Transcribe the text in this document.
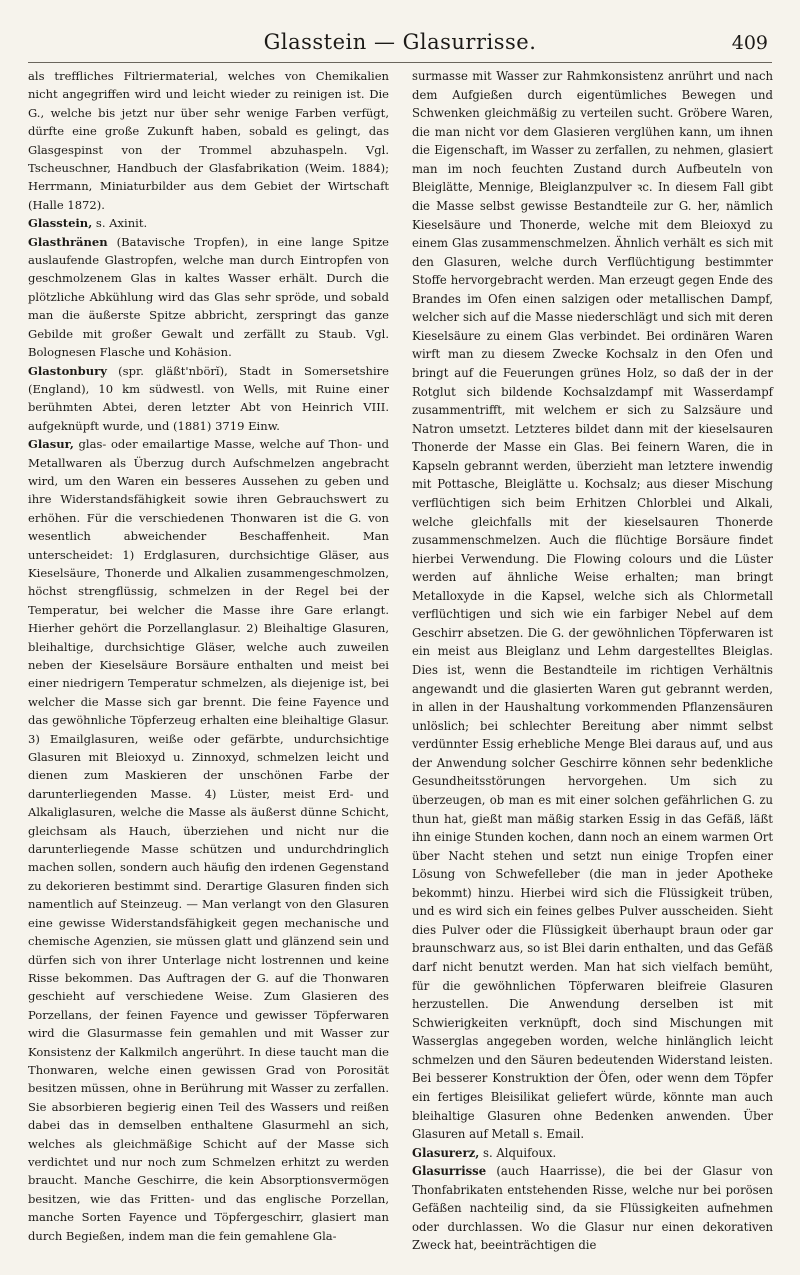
Glasstein — Glasurrisse.	409

als treffliches Filtriermaterial, welches von Chemikalien nicht angegriffen wird und leicht wieder zu reinigen ist. Die G., welche bis jetzt nur über sehr wenige Farben verfügt, dürfte eine große Zukunft haben, sobald es gelingt, das Glasgespinst von der Trommel abzuhaspeln. Vgl. Tscheuschner, Handbuch der Glasfabrikation (Weim. 1884); Herrmann, Miniaturbilder aus dem Gebiet der Wirtschaft (Halle 1872).

Glasstein, s. Axinit.

Glasthränen (Batavische Tropfen), in eine lange Spitze auslaufende Glastropfen, welche man durch Eintropfen von geschmolzenem Glas in kaltes Wasser erhält. Durch die plötzliche Abkühlung wird das Glas sehr spröde, und sobald man die äußerste Spitze abbricht, zerspringt das ganze Gebilde mit großer Gewalt und zerfällt zu Staub. Vgl. Bolognesen Flasche und Kohäsion.

Glastonbury (spr. gläßt'nbörĭ), Stadt in Somersetshire (England), 10 km südwestl. von Wells, mit Ruine einer berühmten Abtei, deren letzter Abt von Heinrich VIII. aufgeknüpft wurde, und (1881) 3719 Einw.

Glasur, glas- oder emailartige Masse, welche auf Thon- und Metallwaren als Überzug durch Aufschmelzen angebracht wird, um den Waren ein besseres Aussehen zu geben und ihre Widerstandsfähigkeit sowie ihren Gebrauchswert zu erhöhen. Für die verschiedenen Thonwaren ist die G. von wesentlich abweichender Beschaffenheit. Man unterscheidet: 1) Erdglasuren, durchsichtige Gläser, aus Kieselsäure, Thonerde und Alkalien zusammengeschmolzen, höchst strengflüssig, schmelzen in der Regel bei der Temperatur, bei welcher die Masse ihre Gare erlangt. Hierher gehört die Porzellanglasur. 2) Bleihaltige Glasuren, bleihaltige, durchsichtige Gläser, welche auch zuweilen neben der Kieselsäure Borsäure enthalten und meist bei einer niedrigern Temperatur schmelzen, als diejenige ist, bei welcher die Masse sich gar brennt. Die feine Fayence und das gewöhnliche Töpferzeug erhalten eine bleihaltige Glasur. 3) Emailglasuren, weiße oder gefärbte, undurchsichtige Glasuren mit Bleioxyd u. Zinnoxyd, schmelzen leicht und dienen zum Maskieren der unschönen Farbe der darunterliegenden Masse. 4) Lüster, meist Erd- und Alkaliglasuren, welche die Masse als äußerst dünne Schicht, gleichsam als Hauch, überziehen und nicht nur die darunterliegende Masse schützen und undurchdringlich machen sollen, sondern auch häufig den irdenen Gegenstand zu dekorieren bestimmt sind. Derartige Glasuren finden sich namentlich auf Steinzeug. — Man verlangt von den Glasuren eine gewisse Widerstandsfähigkeit gegen mechanische und chemische Agenzien, sie müssen glatt und glänzend sein und dürfen sich von ihrer Unterlage nicht lostrennen und keine Risse bekommen. Das Auftragen der G. auf die Thonwaren geschieht auf verschiedene Weise. Zum Glasieren des Porzellans, der feinen Fayence und gewisser Töpferwaren wird die Glasurmasse fein gemahlen und mit Wasser zur Konsistenz der Kalkmilch angerührt. In diese taucht man die Thonwaren, welche einen gewissen Grad von Porosität besitzen müssen, ohne in Berührung mit Wasser zu zerfallen. Sie absorbieren begierig einen Teil des Wassers und reißen dabei das in demselben enthaltene Glasurmehl an sich, welches als gleichmäßige Schicht auf der Masse sich verdichtet und nur noch zum Schmelzen erhitzt zu werden braucht. Manche Geschirre, die kein Absorptionsvermögen besitzen, wie das Fritten- und das englische Porzellan, manche Sorten Fayence und Töpfergeschirr, glasiert man durch Begießen, indem man die fein gemahlene Gla-

surmasse mit Wasser zur Rahmkonsistenz anrührt und nach dem Aufgießen durch eigentümliches Bewegen und Schwenken gleichmäßig zu verteilen sucht. Gröbere Waren, die man nicht vor dem Glasieren verglühen kann, um ihnen die Eigenschaft, im Wasser zu zerfallen, zu nehmen, glasiert man im noch feuchten Zustand durch Aufbeuteln von Bleiglätte, Mennige, Bleiglanzpulver ꝛc. In diesem Fall gibt die Masse selbst gewisse Bestandteile zur G. her, nämlich Kieselsäure und Thonerde, welche mit dem Bleioxyd zu einem Glas zusammenschmelzen. Ähnlich verhält es sich mit den Glasuren, welche durch Verflüchtigung bestimmter Stoffe hervorgebracht werden. Man erzeugt gegen Ende des Brandes im Ofen einen salzigen oder metallischen Dampf, welcher sich auf die Masse niederschlägt und sich mit deren Kieselsäure zu einem Glas verbindet. Bei ordinären Waren wirft man zu diesem Zwecke Kochsalz in den Ofen und bringt auf die Feuerungen grünes Holz, so daß der in der Rotglut sich bildende Kochsalzdampf mit Wasserdampf zusammentrifft, mit welchem er sich zu Salzsäure und Natron umsetzt. Letzteres bildet dann mit der kieselsauren Thonerde der Masse ein Glas. Bei feinern Waren, die in Kapseln gebrannt werden, überzieht man letztere inwendig mit Pottasche, Bleiglätte u. Kochsalz; aus dieser Mischung verflüchtigen sich beim Erhitzen Chlorblei und Alkali, welche gleichfalls mit der kieselsauren Thonerde zusammenschmelzen. Auch die flüchtige Borsäure findet hierbei Verwendung. Die Flowing colours und die Lüster werden auf ähnliche Weise erhalten; man bringt Metalloxyde in die Kapsel, welche sich als Chlormetall verflüchtigen und sich wie ein farbiger Nebel auf dem Geschirr absetzen. Die G. der gewöhnlichen Töpferwaren ist ein meist aus Bleiglanz und Lehm dargestelltes Bleiglas. Dies ist, wenn die Bestandteile im richtigen Verhältnis angewandt und die glasierten Waren gut gebrannt werden, in allen in der Haushaltung vorkommenden Pflanzensäuren unlöslich; bei schlechter Bereitung aber nimmt selbst verdünnter Essig erhebliche Menge Blei daraus auf, und aus der Anwendung solcher Geschirre können sehr bedenkliche Gesundheitsstörungen hervorgehen. Um sich zu überzeugen, ob man es mit einer solchen gefährlichen G. zu thun hat, gießt man mäßig starken Essig in das Gefäß, läßt ihn einige Stunden kochen, dann noch an einem warmen Ort über Nacht stehen und setzt nun einige Tropfen einer Lösung von Schwefelleber (die man in jeder Apotheke bekommt) hinzu. Hierbei wird sich die Flüssigkeit trüben, und es wird sich ein feines gelbes Pulver ausscheiden. Sieht dies Pulver oder die Flüssigkeit überhaupt braun oder gar braunschwarz aus, so ist Blei darin enthalten, und das Gefäß darf nicht benutzt werden. Man hat sich vielfach bemüht, für die gewöhnlichen Töpferwaren bleifreie Glasuren herzustellen. Die Anwendung derselben ist mit Schwierigkeiten verknüpft, doch sind Mischungen mit Wasserglas angegeben worden, welche hinlänglich leicht schmelzen und den Säuren bedeutenden Widerstand leisten. Bei besserer Konstruktion der Öfen, oder wenn dem Töpfer ein fertiges Bleisilikat geliefert würde, könnte man auch bleihaltige Glasuren ohne Bedenken anwenden. Über Glasuren auf Metall s. Email.

Glasurerz, s. Alquifoux.

Glasurrisse (auch Haarrisse), die bei der Glasur von Thonfabrikaten entstehenden Risse, welche nur bei porösen Gefäßen nachteilig sind, da sie Flüssigkeiten aufnehmen oder durchlassen. Wo die Glasur nur einen dekorativen Zweck hat, beeinträchtigen die
